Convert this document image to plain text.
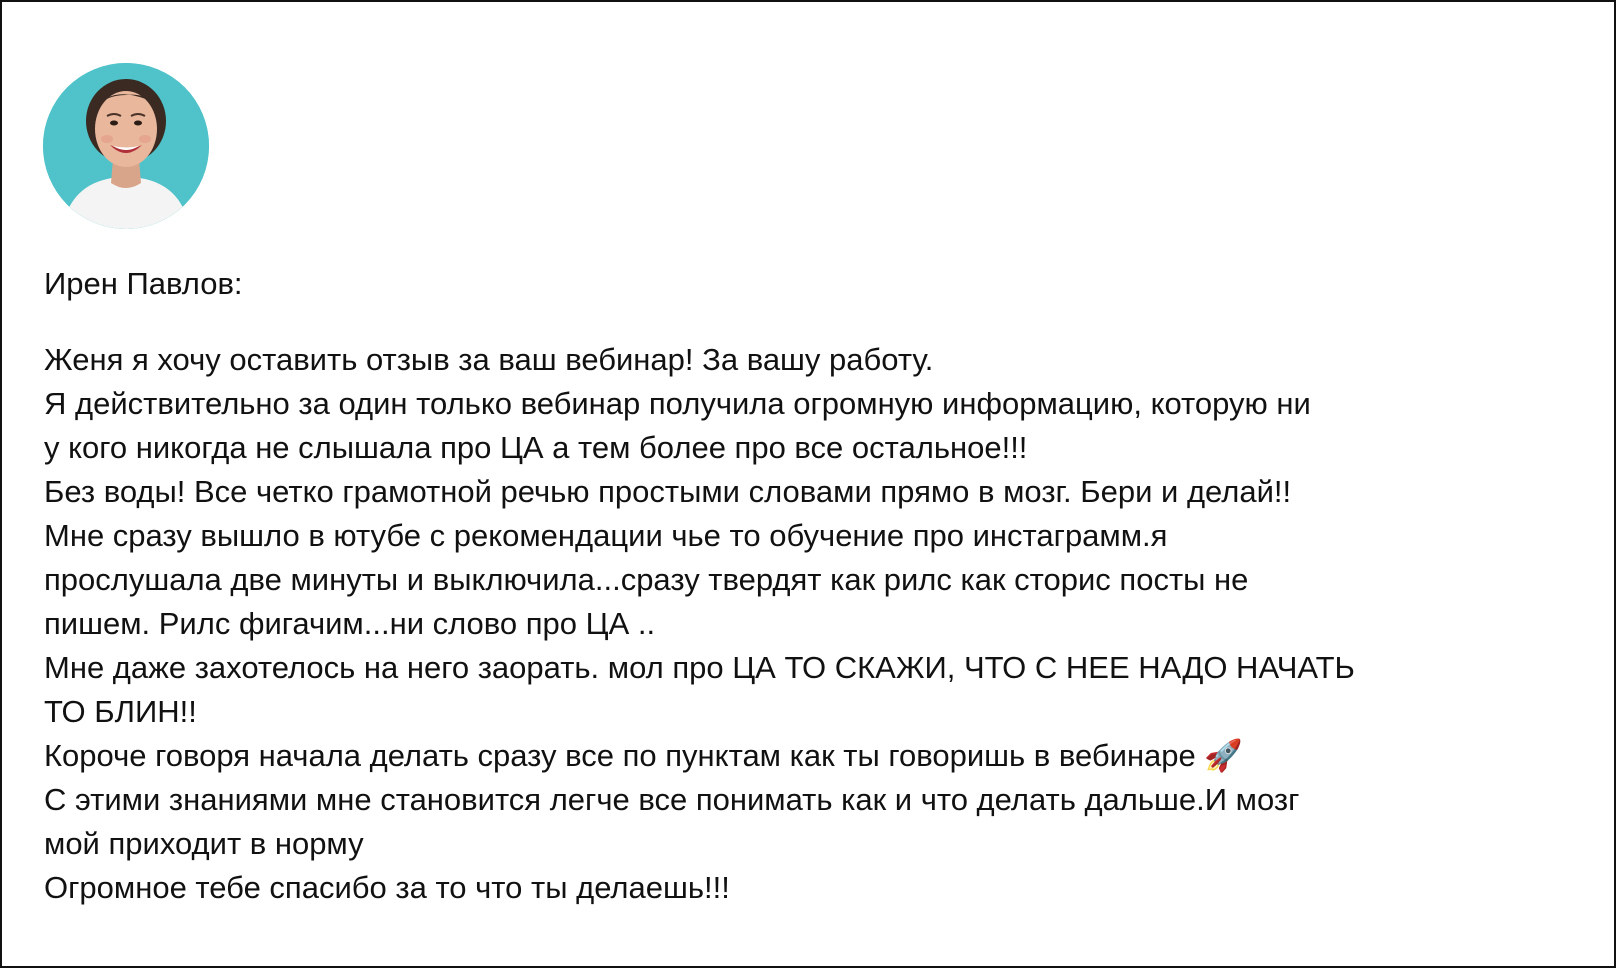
Ирен Павлов:
Женя я хочу оставить отзыв за ваш вебинар! За вашу работу.
Я действительно за один только вебинар получила огромную информацию, которую ни
у кого никогда не слышала про ЦА а тем более про все остальное!!!
Без воды! Все четко грамотной речью простыми словами прямо в мозг. Бери и делай!!
Мне сразу вышло в ютубе с рекомендации чье то обучение про инстаграмм.я
прослушала две минуты и выключила...сразу твердят как рилс как сторис посты не
пишем. Рилс фигачим...ни слово про ЦА ..
Мне даже захотелось на него заорать. мол про ЦА ТО СКАЖИ, ЧТО С НЕЕ НАДО НАЧАТЬ
ТО БЛИН!!
Короче говоря начала делать сразу все по пунктам как ты говоришь в вебинаре 🚀
С этими знаниями мне становится легче все понимать как и что делать дальше.И мозг
мой приходит в норму
Огромное тебе спасибо за то что ты делаешь!!!
